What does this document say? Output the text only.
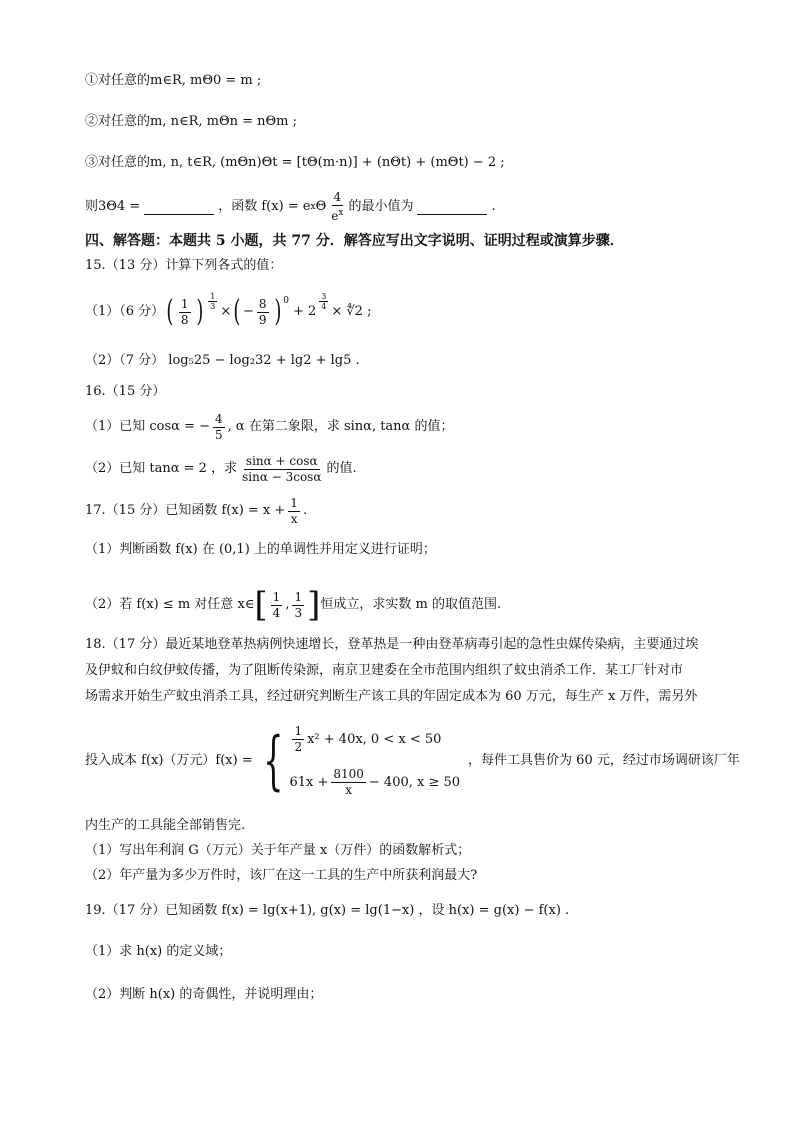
①对任意的m∈R, mΘ0 = m ;
②对任意的m, n∈R, mΘn = nΘm ;
③对任意的m, n, t∈R, (mΘn)Θt = [tΘ(m·n)] + (nΘt) + (mΘt) − 2 ;
则3Θ4 =	，函数 f(x) = e x Θ $\frac{4}{e^x}$ 的最小值为	.
四、解答题：本题共 5 小题，共 77 分．解答应写出文字说明、证明过程或演算步骤．
15.（13 分）计算下列各式的值：
（1）（6 分） ( $\frac{1}{8}$ ) $\frac{1}{3}$
× ( − $\frac{8}{9}$ ) $^0$
+ 2
$\frac{3}{4}$
× ∜2 ;
（2）（7 分） log₅25 − log₂32 + lg2 + lg5 .
16.（15 分）
（1）已知 cosα = − $\frac{4}{5}$ , α 在第二象限，求 sinα, tanα 的值；
（2）已知 tanα = 2 ，求 $\frac{\sin\alpha + \cos\alpha}{\sin\alpha - 3\cos\alpha}$ 的值.
17.（15 分）已知函数 $f(x) = x + \frac{1}{x}$ .
（1）判断函数 f(x) 在 (0,1) 上的单调性并用定义进行证明；
（2）若 f(x) ≤ m 对任意 x∈ [ $\frac{1}{4}$ , $\frac{1}{3}$ ] 恒成立，求实数 m 的取值范围.
18.（17 分）最近某地登革热病例快速增长，登革热是一种由登革病毒引起的急性虫媒传染病，主要通过埃
及伊蚊和白纹伊蚊传播，为了阻断传染源，南京卫建委在全市范围内组织了蚊虫消杀工作．某工厂针对市
场需求开始生产蚊虫消杀工具，经过研究判断生产该工具的年固定成本为 60 万元，每生产 x 万件，需另外
投入成本 f(x)（万元）f(x) = { $\frac{1}{2} x^2 + 40x$, 0 < x < 50
$61x + \frac{8100}{x} - 400$, x ≥ 50
，每件工具售价为 60 元，经过市场调研该厂年
内生产的工具能全部销售完.
（1）写出年利润 G（万元）关于年产量 x（万件）的函数解析式；
（2）年产量为多少万件时，该厂在这一工具的生产中所获利润最大?
19.（17 分）已知函数 f(x) = lg(x+1), g(x) = lg(1−x) ，设 h(x) = g(x) − f(x) .
（1）求 h(x) 的定义域；
（2）判断 h(x) 的奇偶性，并说明理由；
